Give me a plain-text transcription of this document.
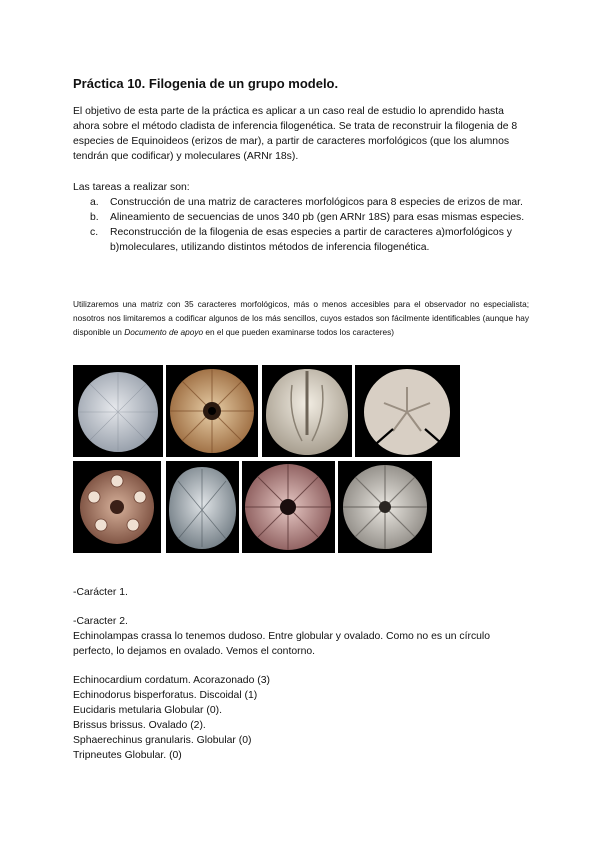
Práctica 10. Filogenia de un grupo modelo.
El objetivo de esta parte de la práctica es aplicar a un caso real de estudio lo aprendido hasta ahora sobre el método cladista de inferencia filogenética. Se trata de reconstruir la filogenia de 8 especies de Equinoideos (erizos de mar), a partir de caracteres morfológicos (que los alumnos tendrán que codificar) y moleculares (ARNr 18s).
Las tareas a realizar son:
a. Construcción de una matriz de caracteres morfológicos para 8 especies de erizos de mar.
b. Alineamiento de secuencias de unos 340 pb (gen ARNr 18S) para esas mismas especies.
c. Reconstrucción de la filogenia de esas especies a partir de caracteres a)morfológicos y b)moleculares, utilizando distintos métodos de inferencia filogenética.
Utilizaremos una matriz con 35 caracteres morfológicos, más o menos accesibles para el observador no especialista; nosotros nos limitaremos a codificar algunos de los más sencillos, cuyos estados son fácilmente identificables (aunque hay disponible un Documento de apoyo en el que pueden examinarse todos los caracteres)
-Carácter 1.
-Caracter 2.
Echinolampas crassa lo tenemos dudoso. Entre globular y ovalado. Como no es un círculo perfecto, lo dejamos en ovalado. Vemos el contorno.
Echinocardium cordatum. Acorazonado (3)
Echinodorus bisperforatus. Discoidal (1)
Eucidaris metularia Globular (0).
Brissus brissus. Ovalado (2).
Sphaerechinus granularis. Globular (0)
Tripneutes Globular. (0)
